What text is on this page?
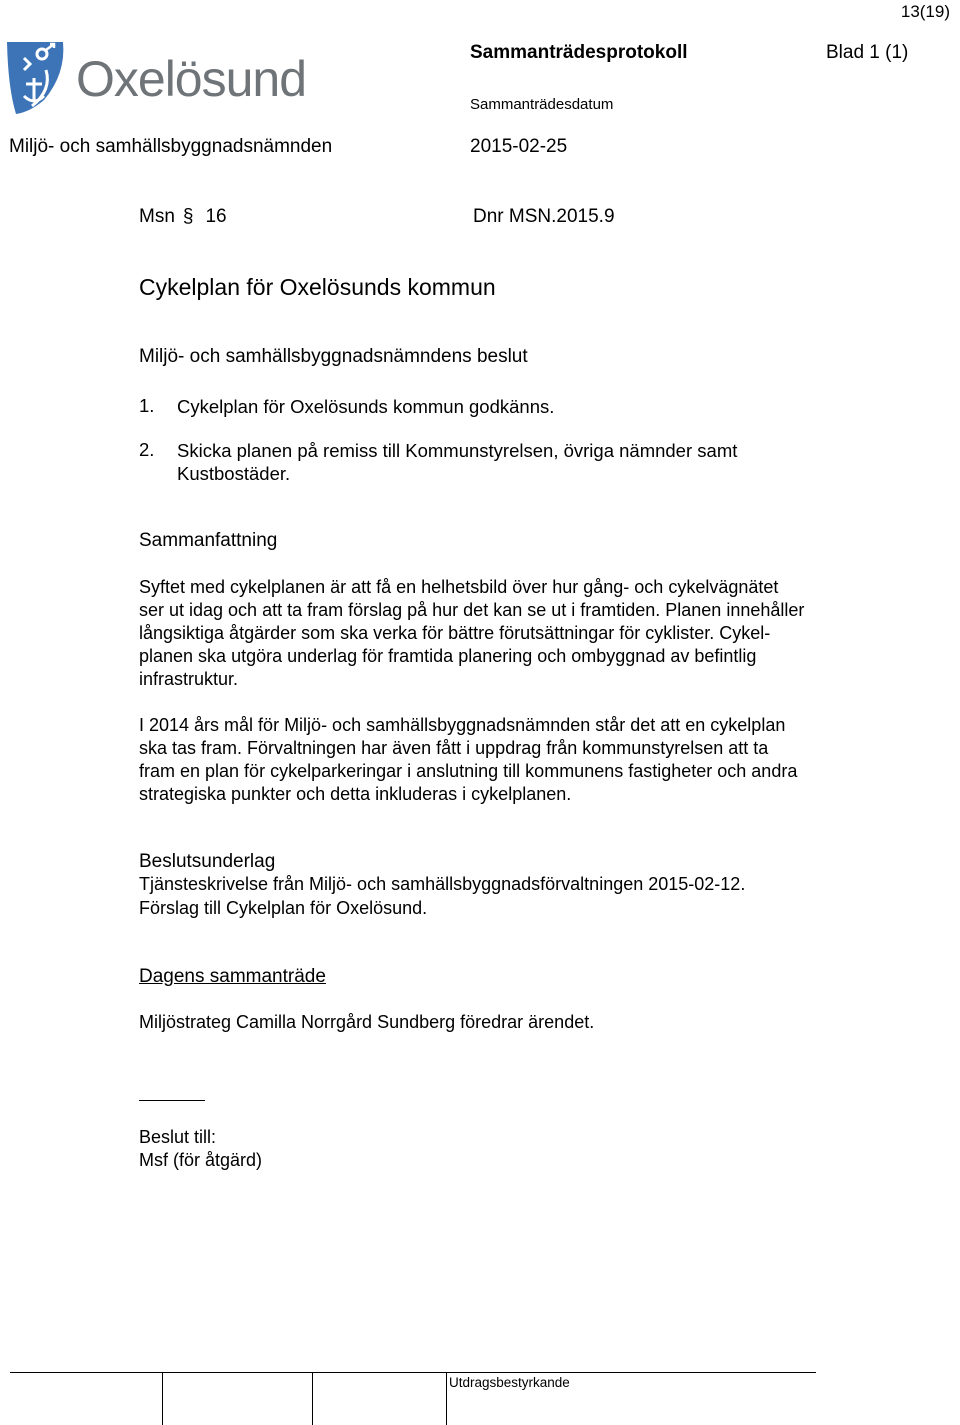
13(19)
Oxelösund	Sammanträdesprotokoll	Blad 1 (1)
Sammanträdesdatum
Miljö- och samhällsbyggnadsnämnden	2015-02-25
Msn § 16	Dnr MSN.2015.9
Cykelplan för Oxelösunds kommun
Miljö- och samhällsbyggnadsnämndens beslut
1. Cykelplan för Oxelösunds kommun godkänns.
2. Skicka planen på remiss till Kommunstyrelsen, övriga nämnder samt Kustbostäder.
Sammanfattning
Syftet med cykelplanen är att få en helhetsbild över hur gång- och cykelvägnätet
ser ut idag och att ta fram förslag på hur det kan se ut i framtiden. Planen innehåller
långsiktiga åtgärder som ska verka för bättre förutsättningar för cyklister. Cykel-
planen ska utgöra underlag för framtida planering och ombyggnad av befintlig
infrastruktur.
I 2014 års mål för Miljö- och samhällsbyggnadsnämnden står det att en cykelplan
ska tas fram. Förvaltningen har även fått i uppdrag från kommunstyrelsen att ta
fram en plan för cykelparkeringar i anslutning till kommunens fastigheter och andra
strategiska punkter och detta inkluderas i cykelplanen.
Beslutsunderlag
Tjänsteskrivelse från Miljö- och samhällsbyggnadsförvaltningen 2015-02-12.
Förslag till Cykelplan för Oxelösund.
Dagens sammanträde
Miljöstrateg Camilla Norrgård Sundberg föredrar ärendet.
Beslut till:
Msf (för åtgärd)
Utdragsbestyrkande
